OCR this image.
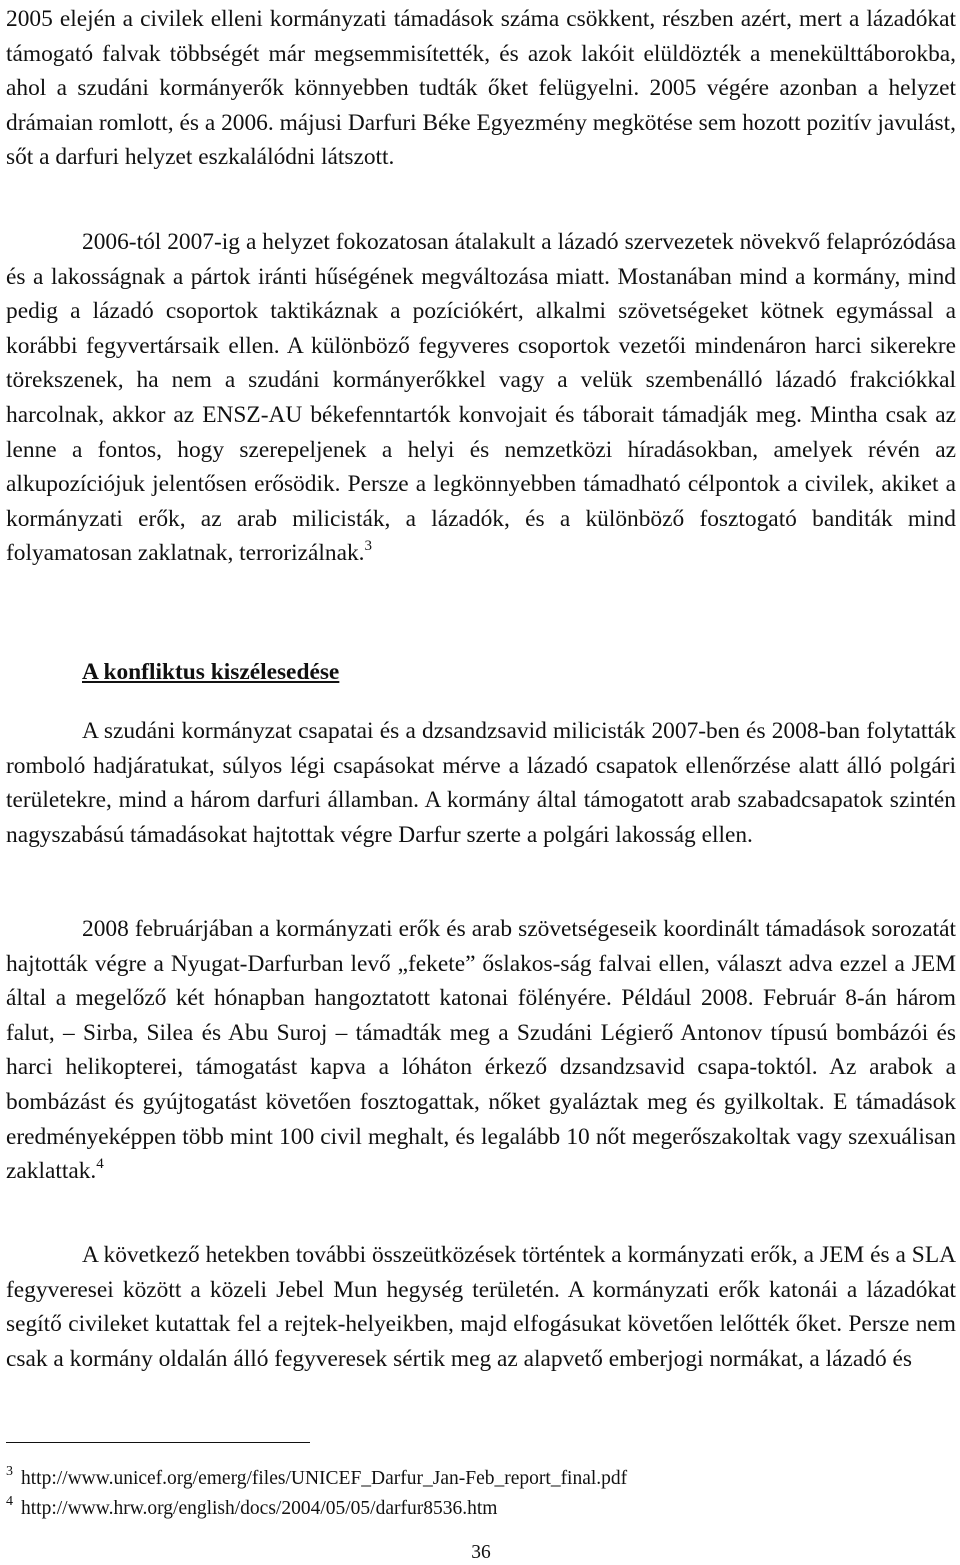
2005 elején a civilek elleni kormányzati támadások száma csökkent, részben azért, mert a lázadókat támogató falvak többségét már megsemmisítették, és azok lakóit elüldözték a menekülttáborokba, ahol a szudáni kormányerők könnyebben tudták őket felügyelni. 2005 végére azonban a helyzet drámaian romlott, és a 2006. májusi Darfuri Béke Egyezmény megkötése sem hozott pozitív javulást, sőt a darfuri helyzet eszkalálódni látszott.

2006-tól 2007-ig a helyzet fokozatosan átalakult a lázadó szervezetek növekvő felaprózódása és a lakosságnak a pártok iránti hűségének megváltozása miatt. Mostanában mind a kormány, mind pedig a lázadó csoportok taktikáznak a pozíciókért, alkalmi szövetségeket kötnek egymással a korábbi fegyvertársaik ellen. A különböző fegyveres csoportok vezetői mindenáron harci sikerekre törekszenek, ha nem a szudáni kormányerőkkel vagy a velük szembenálló lázadó frakciókkal harcolnak, akkor az ENSZ-AU békefenntartók konvojait és táborait támadják meg. Mintha csak az lenne a fontos, hogy szerepeljenek a helyi és nemzetközi híradásokban, amelyek révén az alkupozíciójuk jelentősen erősödik. Persze a legkönnyebben támadható célpontok a civilek, akiket a kormányzati erők, az arab milicisták, a lázadók, és a különböző fosztogató banditák mind folyamatosan zaklatnak, terrorizálnak.$^3$

A konfliktus kiszélesedése

A szudáni kormányzat csapatai és a dzsandzsavid milicisták 2007-ben és 2008-ban folytatták romboló hadjáratukat, súlyos légi csapásokat mérve a lázadó csapatok ellenőrzése alatt álló polgári területekre, mind a három darfuri államban. A kormány által támogatott arab szabadcsapatok szintén nagyszabású támadásokat hajtottak végre Darfur szerte a polgári lakosság ellen.

2008 februárjában a kormányzati erők és arab szövetségeseik koordinált támadások sorozatát hajtották végre a Nyugat-Darfurban levő „fekete” őslakos-ság falvai ellen, választ adva ezzel a JEM által a megelőző két hónapban hangoztatott katonai fölényére. Például 2008. Február 8-án három falut, – Sirba, Silea és Abu Suroj – támadták meg a Szudáni Légierő Antonov típusú bombázói és harci helikopterei, támogatást kapva a lóháton érkező dzsandzsavid csapa-toktól. Az arabok a bombázást és gyújtogatást követően fosztogattak, nőket gyaláztak meg és gyilkoltak. E támadások eredményeképpen több mint 100 civil meghalt, és legalább 10 nőt megerőszakoltak vagy szexuálisan zaklattak.$^4$

A következő hetekben további összeütközések történtek a kormányzati erők, a JEM és a SLA fegyveresei között a közeli Jebel Mun hegység területén. A kormányzati erők katonái a lázadókat segítő civileket kutattak fel a rejtek-helyeikben, majd elfogásukat követően lelőtték őket. Persze nem csak a kormány oldalán álló fegyveresek sértik meg az alapvető emberjogi normákat, a lázadó és

$^3$ http://www.unicef.org/emerg/files/UNICEF_Darfur_Jan-Feb_report_final.pdf
$^4$ http://www.hrw.org/english/docs/2004/05/05/darfur8536.htm
36
